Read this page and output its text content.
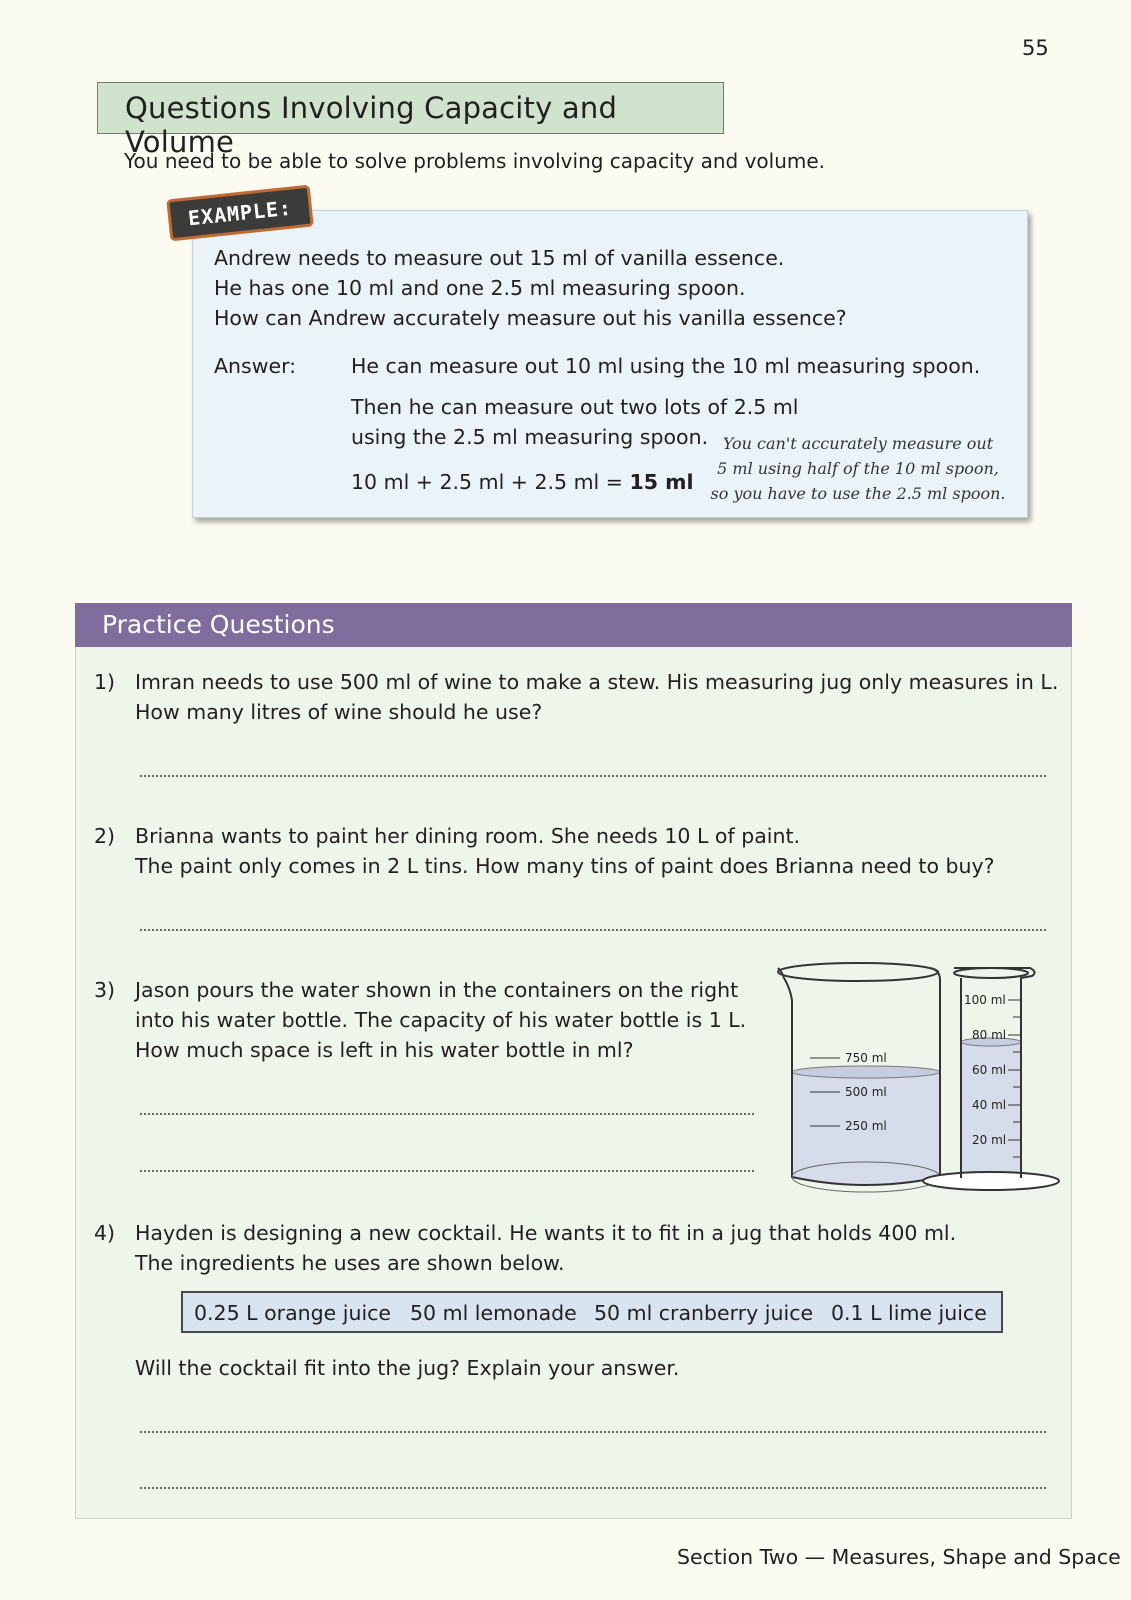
55
Questions Involving Capacity and Volume
You need to be able to solve problems involving capacity and volume.
EXAMPLE:
Andrew needs to measure out 15 ml of vanilla essence.
He has one 10 ml and one 2.5 ml measuring spoon.
How can Andrew accurately measure out his vanilla essence?
Answer:	He can measure out 10 ml using the 10 ml measuring spoon.
Then he can measure out two lots of 2.5 ml
using the 2.5 ml measuring spoon.
10 ml + 2.5 ml + 2.5 ml = 15 ml
You can't accurately measure out
5 ml using half of the 10 ml spoon,
so you have to use the 2.5 ml spoon.
Practice Questions
1) Imran needs to use 500 ml of wine to make a stew. His measuring jug only measures in L.
How many litres of wine should he use?
2) Brianna wants to paint her dining room. She needs 10 L of paint.
The paint only comes in 2 L tins. How many tins of paint does Brianna need to buy?
3) Jason pours the water shown in the containers on the right
into his water bottle. The capacity of his water bottle is 1 L.
How much space is left in his water bottle in ml?	750 ml
500 ml
250 ml
100 ml
80 ml
60 ml
40 ml
20 ml
4) Hayden is designing a new cocktail. He wants it to fit in a jug that holds 400 ml.
The ingredients he uses are shown below.
0.25 L orange juice 50 ml lemonade 50 ml cranberry juice 0.1 L lime juice
Will the cocktail fit into the jug? Explain your answer.
Section Two — Measures, Shape and Space
